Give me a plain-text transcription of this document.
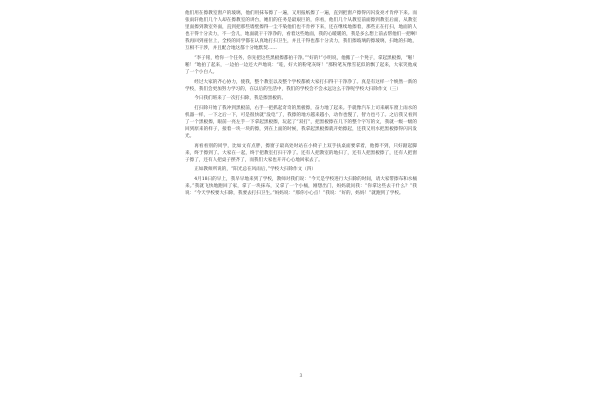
他们用在擦教室窗户的玻璃，他们用抹布擦了一遍，又用报纸擦了一遍，直到把窗户擦得闪闪发亮才肯停下来。而张雨轩他们几个人却在擦教室的讲台，她们的任务是最艰巨的，你看，他们几个从教室前面擦到教室后面，从教室里面擦到教室外面，直到把那些墙壁擦得一尘不染他们也不肯停下来，还在继续地擦着，那些正在打扫，地面的人也干得十分卖力，不一会儿，地面就干干净净的，看着这些地面，我的心暖暖的，我是多么想上前去帮他们一把啊!我再回到座位上，全校的同学都在认真地打扫卫生，并且干得也都十分卖力，我们擦玻璃的擦玻璃，扫地的扫地，互相不干涉，并且配合地这都十分地默契……

“李子铭，给你一个任务，你先把这些黑板擦都拍干净。”“好的!”小明说，他搬了一个凳子，拿起黑板擦，“啪！啪！”地拍了起来，一边拍一边还大声地说：“哇，好大的粉笔灰呀！”那粉笔灰像雪花似的飘了起来，大家笑他成了一个小白人。

经过大家的齐心协力，使我，整个教室以及整个学校都被大家打扫得干干净净了。真是有这样一个焕然一新的学校，我们会更加努力学习的，在以后的生活中，我们的学校会不会永远这么干净呢学校大扫除作文（三）

今日我们班来了一次打扫除，我是擦黑板的。

打扫除开始了我冲到黑板前，右手一把抓起奇奇的黑板擦，奋力地了起来。手就像汽车上司来刷车窗上雨水的机器一样，一下之后一下，可是很快就“没电”了，我擦的地方越来越小，动作也慢了，智力也弓了。之后我又看到了一个黑板擦，眼前一亮左手一下拿起黑板擦，玩起了“双打”，把黑板擦在几下的整个字写的文，我就一级一级的回到原来的样子，接着一块一块的擦，到在上面的时候，我拿起黑板擦就开始擦起，还我又用水把黑板擦得闪闪发光。

再看看别的同学，比如文有点胖，擦窗子最高处时站在小椅子上双手扶桌面要拿着，他擦不到，只好踮起脚来，终于擦到了。大家在一起，终于把教室打扫干净了。还有人把教室的地扫了，还有人把黑板擦了，还有人把窗子擦了，还有人把桌子摆齐了，而我们大家也开开心心地回家去了。

正如教师所说的，“阳光总在风雨后，”学校大扫除作文（四）

4月18日的早上，我早早地来到了学校，教师对我们说：“今天是学校进行大扫除的时间，请大家带擦布和水桶来。”我就飞快地跑回了家，拿了一块抹布，又拿了一个小桶，刚想出门，妈妈就问我：“你拿这些去干什么？”我说：“今天学校要大扫除，我要去打扫卫生。”妈妈说：“那你小心点！”我说：“好的，妈妈！”就跑到了学校。

3
